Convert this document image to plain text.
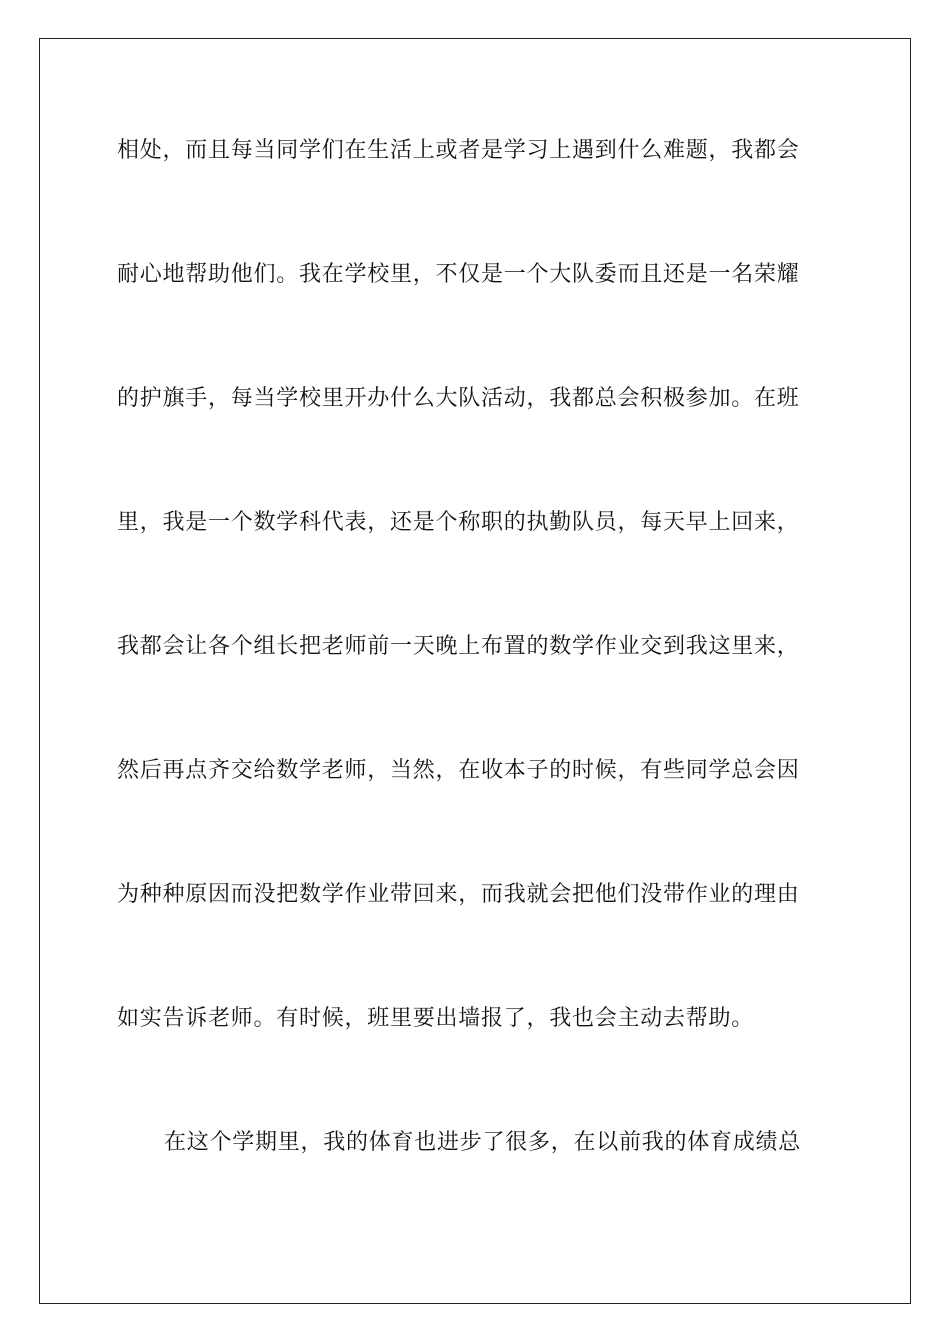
相处，而且每当同学们在生活上或者是学习上遇到什么难题，我都会
耐心地帮助他们。我在学校里，不仅是一个大队委而且还是一名荣耀
的护旗手，每当学校里开办什么大队活动，我都总会积极参加。在班
里，我是一个数学科代表，还是个称职的执勤队员，每天早上回来，
我都会让各个组长把老师前一天晚上布置的数学作业交到我这里来，
然后再点齐交给数学老师，当然，在收本子的时候，有些同学总会因
为种种原因而没把数学作业带回来，而我就会把他们没带作业的理由
如实告诉老师。有时候，班里要出墙报了，我也会主动去帮助。
在这个学期里，我的体育也进步了很多，在以前我的体育成绩总
